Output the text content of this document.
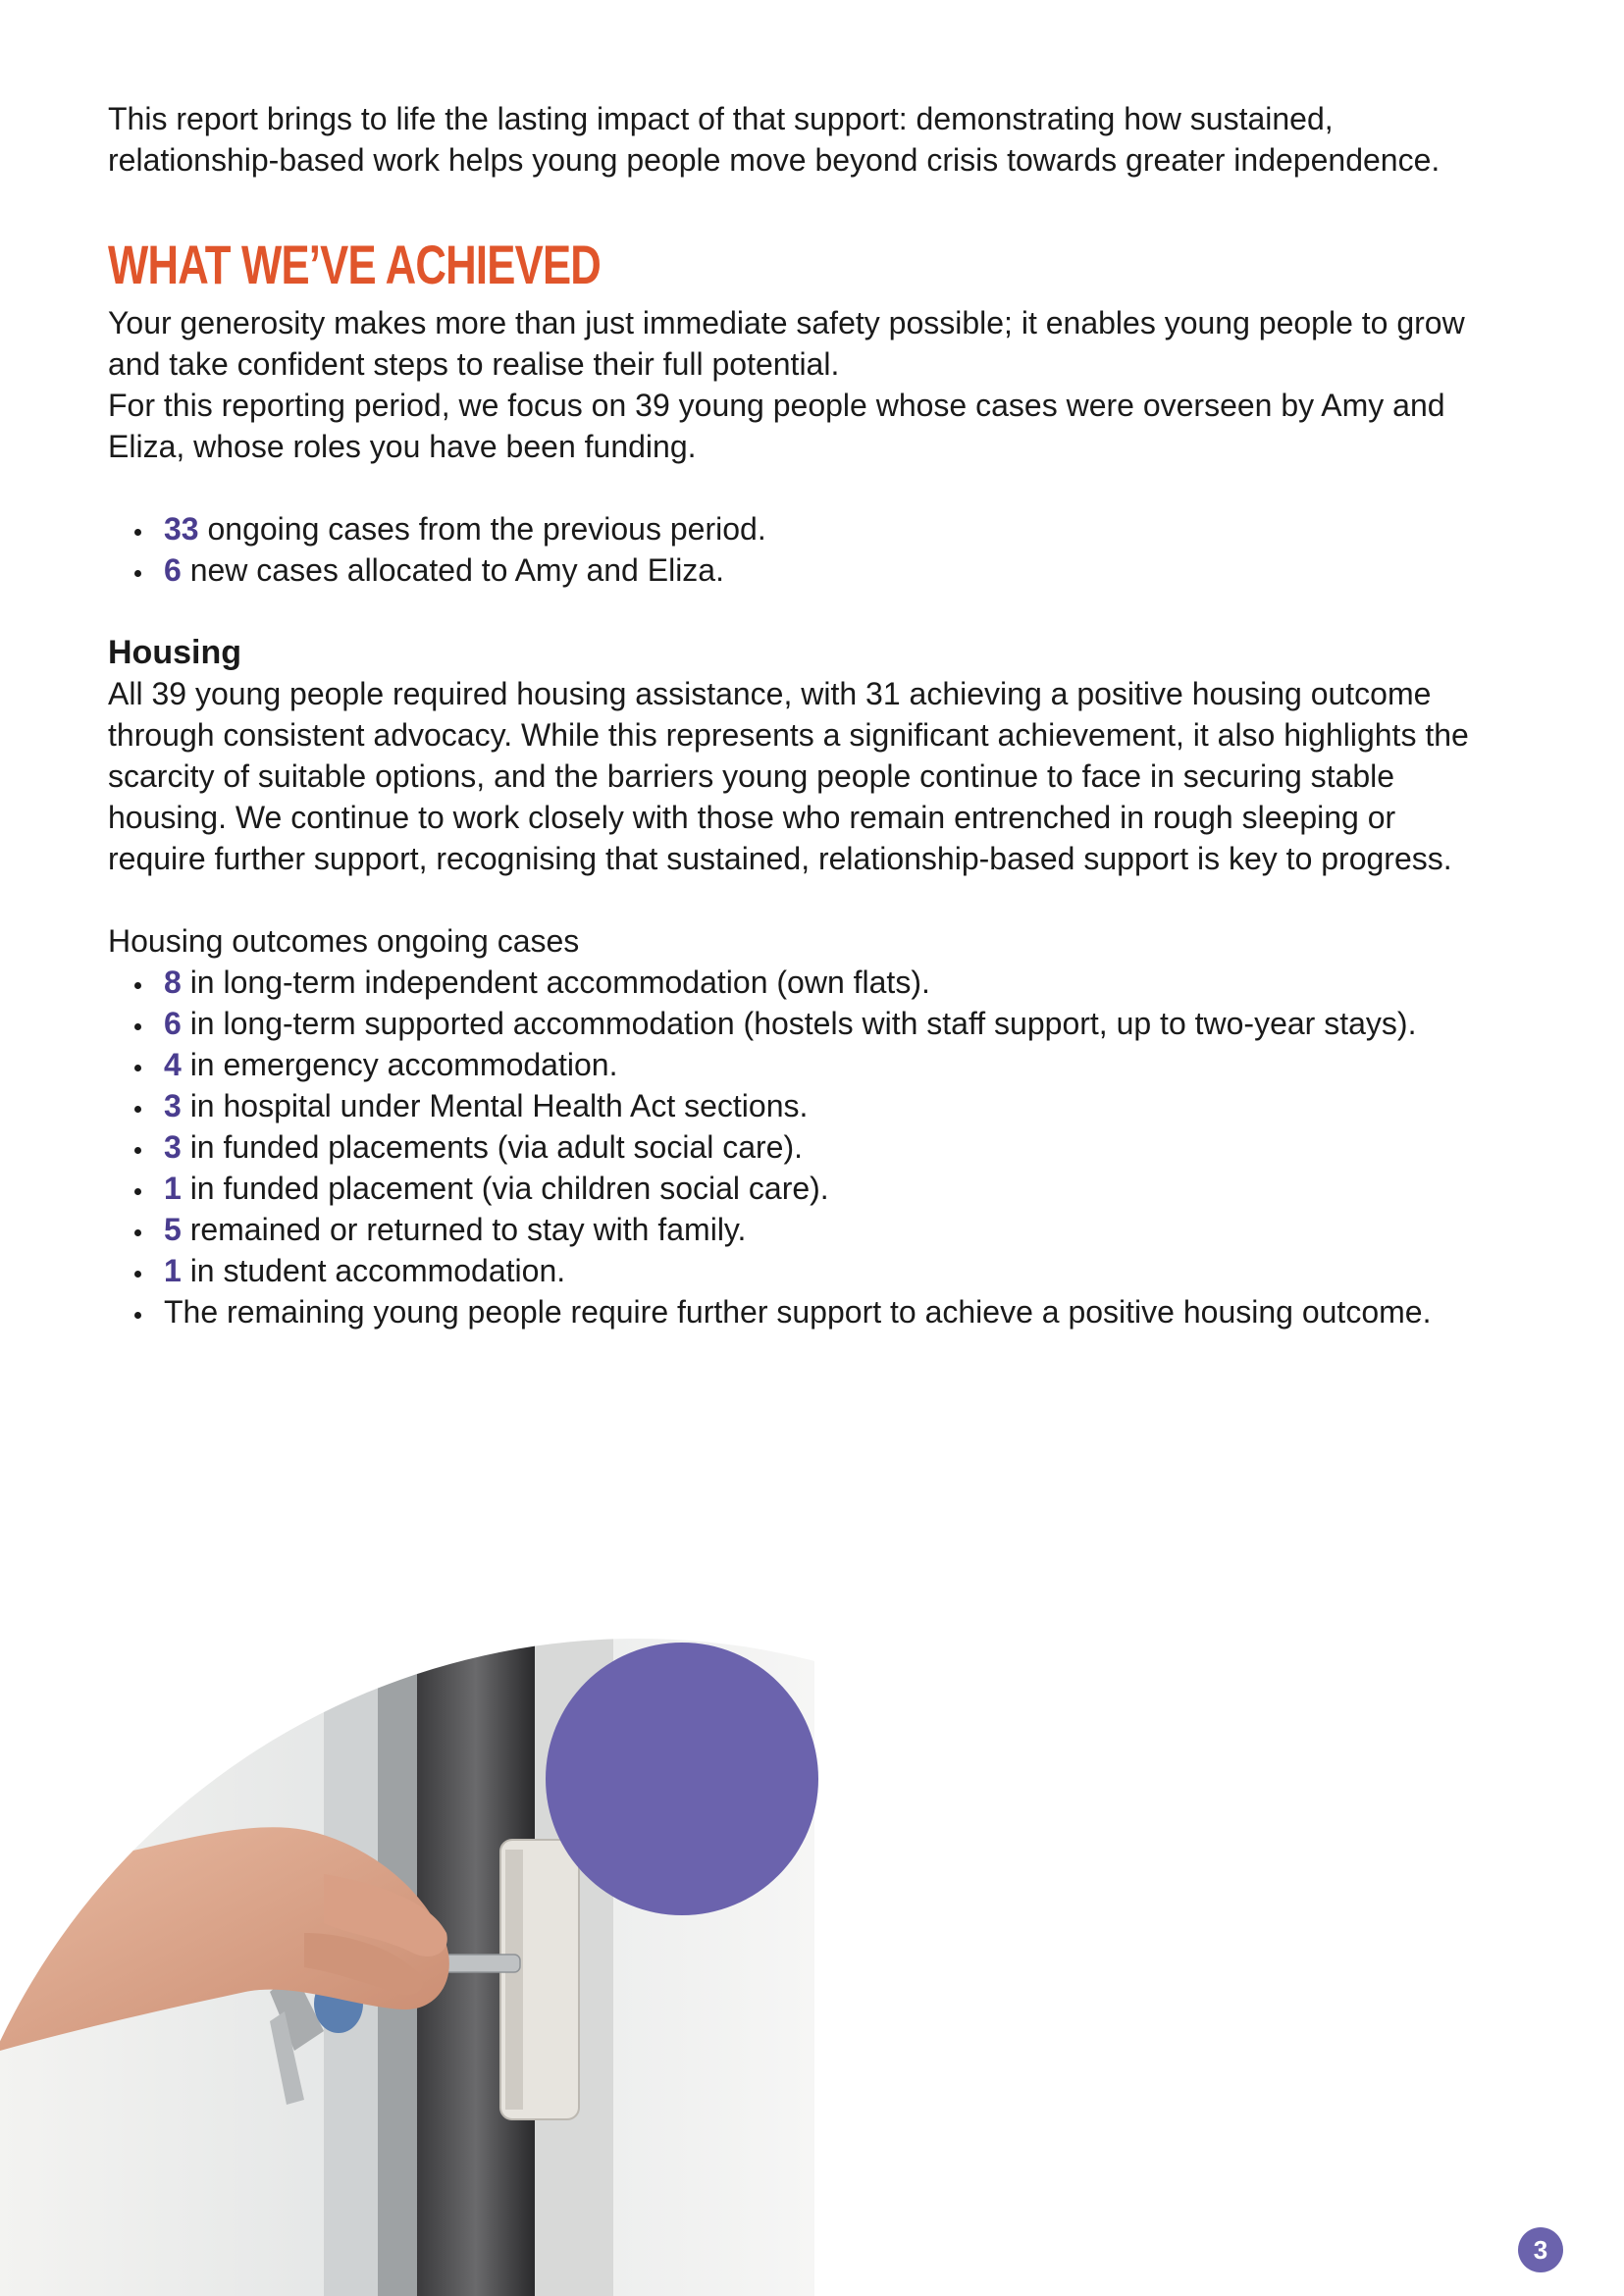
This report brings to life the lasting impact of that support: demonstrating how sustained, relationship-based work helps young people move beyond crisis towards greater independence.

WHAT WE’VE ACHIEVED

Your generosity makes more than just immediate safety possible; it enables young people to grow and take confident steps to realise their full potential.

For this reporting period, we focus on 39 young people whose cases were overseen by Amy and Eliza, whose roles you have been funding.

33 ongoing cases from the previous period.
6 new cases allocated to Amy and Eliza.
Housing

All 39 young people required housing assistance, with 31 achieving a positive housing outcome through consistent advocacy. While this represents a significant achievement, it also highlights the scarcity of suitable options, and the barriers young people continue to face in securing stable housing. We continue to work closely with those who remain entrenched in rough sleeping or require further support, recognising that sustained, relationship-based support is key to progress.

Housing outcomes ongoing cases

8 in long-term independent accommodation (own flats).
6 in long-term supported accommodation (hostels with staff support, up to two-year stays).
4 in emergency accommodation.
3 in hospital under Mental Health Act sections.
3 in funded placements (via adult social care).
1 in funded placement (via children social care).
5 remained or returned to stay with family.
1 in student accommodation.
The remaining young people require further support to achieve a positive housing outcome.
3
